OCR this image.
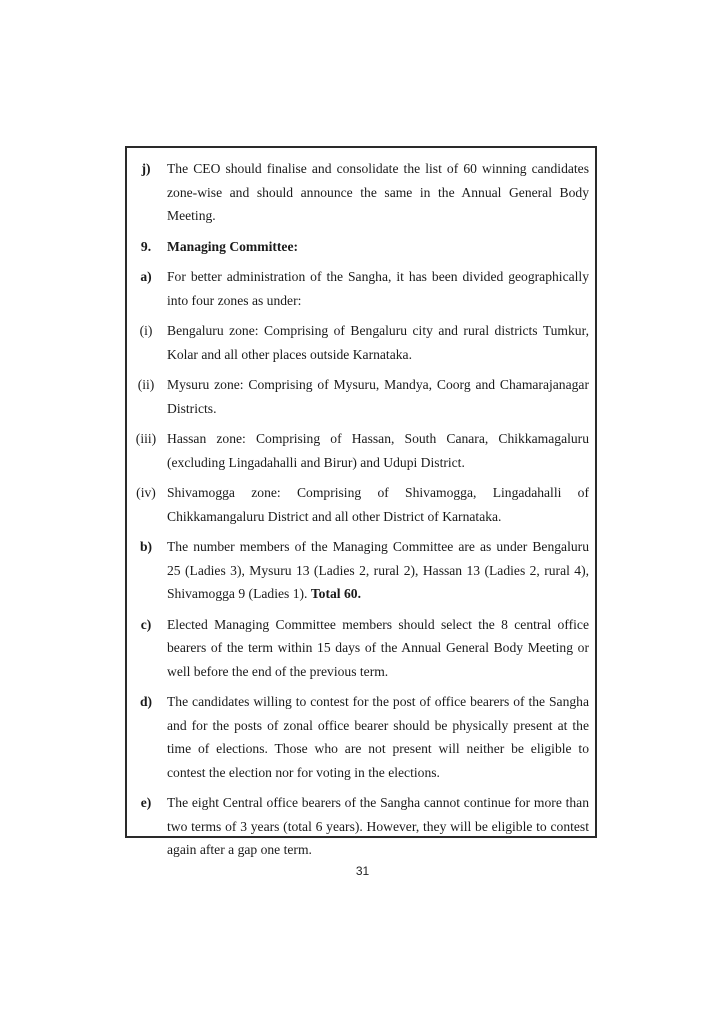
j)	The CEO should finalise and consolidate the list of 60 winning candidates zone-wise and should announce the same in the Annual General Body Meeting.
9.	Managing Committee:
a)	For better administration of the Sangha, it has been divided geographically into four zones as under:
(i)	Bengaluru zone: Comprising of Bengaluru city and rural districts Tumkur, Kolar and all other places outside Karnataka.
(ii) Mysuru zone: Comprising of Mysuru, Mandya, Coorg and Chamarajanagar Districts.
(iii) Hassan zone: Comprising of Hassan, South Canara, Chikkamagaluru (excluding Lingadahalli and Birur) and Udupi District.
(iv) Shivamogga zone: Comprising of Shivamogga, Lingadahalli of Chikkamangaluru District and all other District of Karnataka.
b)	The number members of the Managing Committee are as under Bengaluru 25 (Ladies 3), Mysuru 13 (Ladies 2, rural 2), Hassan 13 (Ladies 2, rural 4), Shivamogga 9 (Ladies 1). Total 60.
c)	Elected Managing Committee members should select the 8 central office bearers of the term within 15 days of the Annual General Body Meeting or well before the end of the previous term.
d)	The candidates willing to contest for the post of office bearers of the Sangha and for the posts of zonal office bearer should be physically present at the time of elections. Those who are not present will neither be eligible to contest the election nor for voting in the elections.
e)	The eight Central office bearers of the Sangha cannot continue for more than two terms of 3 years (total 6 years). However, they will be eligible to contest again after a gap one term.
31
